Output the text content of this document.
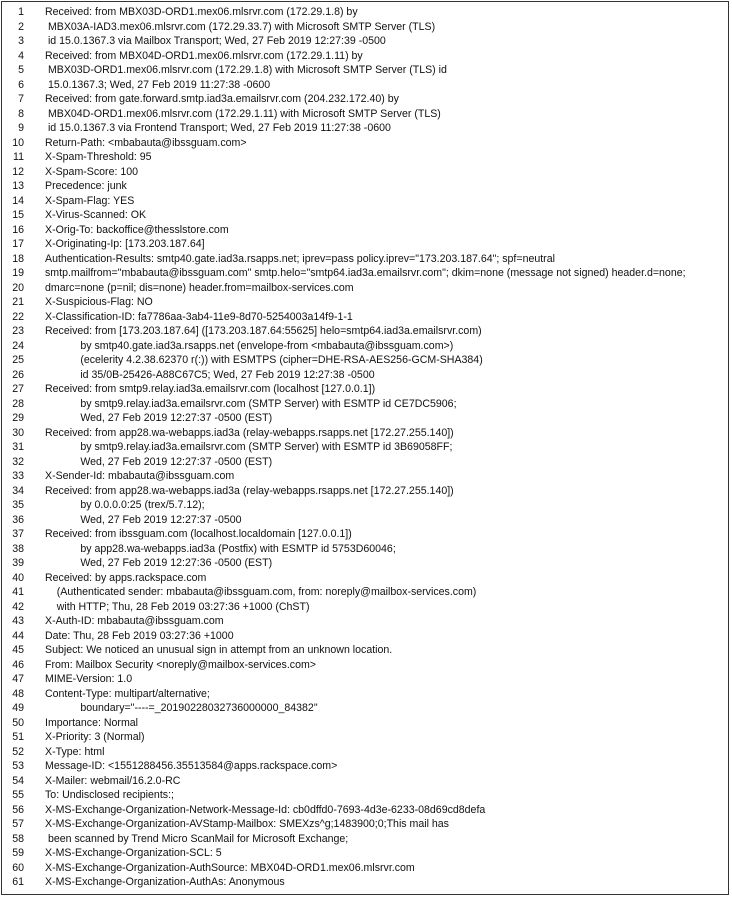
1 Received: from MBX03D-ORD1.mex06.mlsrvr.com (172.29.1.8) by
2 MBX03A-IAD3.mex06.mlsrvr.com (172.29.33.7) with Microsoft SMTP Server (TLS)
3 id 15.0.1367.3 via Mailbox Transport; Wed, 27 Feb 2019 12:27:39 -0500
4 Received: from MBX04D-ORD1.mex06.mlsrvr.com (172.29.1.11) by
5 MBX03D-ORD1.mex06.mlsrvr.com (172.29.1.8) with Microsoft SMTP Server (TLS) id
6 15.0.1367.3; Wed, 27 Feb 2019 11:27:38 -0600
7 Received: from gate.forward.smtp.iad3a.emailsrvr.com (204.232.172.40) by
8 MBX04D-ORD1.mex06.mlsrvr.com (172.29.1.11) with Microsoft SMTP Server (TLS)
9 id 15.0.1367.3 via Frontend Transport; Wed, 27 Feb 2019 11:27:38 -0600
10 Return-Path: <mbabauta@ibssguam.com>
11 X-Spam-Threshold: 95
12 X-Spam-Score: 100
13 Precedence: junk
14 X-Spam-Flag: YES
15 X-Virus-Scanned: OK
16 X-Orig-To: backoffice@thesslstore.com
17 X-Originating-Ip: [173.203.187.64]
18 Authentication-Results: smtp40.gate.iad3a.rsapps.net; iprev=pass policy.iprev="173.203.187.64"; spf=neutral
19 smtp.mailfrom="mbabauta@ibssguam.com" smtp.helo="smtp64.iad3a.emailsrvr.com"; dkim=none (message not signed) header.d=none;
20 dmarc=none (p=nil; dis=none) header.from=mailbox-services.com
21 X-Suspicious-Flag: NO
22 X-Classification-ID: fa7786aa-3ab4-11e9-8d70-5254003a14f9-1-1
23 Received: from [173.203.187.64] ([173.203.187.64:55625] helo=smtp64.iad3a.emailsrvr.com)
24 by smtp40.gate.iad3a.rsapps.net (envelope-from <mbabauta@ibssguam.com>)
25 (ecelerity 4.2.38.62370 r(:)) with ESMTPS (cipher=DHE-RSA-AES256-GCM-SHA384)
26 id 35/0B-25426-A88C67C5; Wed, 27 Feb 2019 12:27:38 -0500
27 Received: from smtp9.relay.iad3a.emailsrvr.com (localhost [127.0.0.1])
28 by smtp9.relay.iad3a.emailsrvr.com (SMTP Server) with ESMTP id CE7DC5906;
29 Wed, 27 Feb 2019 12:27:37 -0500 (EST)
30 Received: from app28.wa-webapps.iad3a (relay-webapps.rsapps.net [172.27.255.140])
31 by smtp9.relay.iad3a.emailsrvr.com (SMTP Server) with ESMTP id 3B69058FF;
32 Wed, 27 Feb 2019 12:27:37 -0500 (EST)
33 X-Sender-Id: mbabauta@ibssguam.com
34 Received: from app28.wa-webapps.iad3a (relay-webapps.rsapps.net [172.27.255.140])
35 by 0.0.0.0:25 (trex/5.7.12);
36 Wed, 27 Feb 2019 12:27:37 -0500
37 Received: from ibssguam.com (localhost.localdomain [127.0.0.1])
38 by app28.wa-webapps.iad3a (Postfix) with ESMTP id 5753D60046;
39 Wed, 27 Feb 2019 12:27:36 -0500 (EST)
40 Received: by apps.rackspace.com
41 (Authenticated sender: mbabauta@ibssguam.com, from: noreply@mailbox-services.com)
42 with HTTP; Thu, 28 Feb 2019 03:27:36 +1000 (ChST)
43 X-Auth-ID: mbabauta@ibssguam.com
44 Date: Thu, 28 Feb 2019 03:27:36 +1000
45 Subject: We noticed an unusual sign in attempt from an unknown location.
46 From: Mailbox Security <noreply@mailbox-services.com>
47 MIME-Version: 1.0
48 Content-Type: multipart/alternative;
49 boundary="----=_20190228032736000000_84382"
50 Importance: Normal
51 X-Priority: 3 (Normal)
52 X-Type: html
53 Message-ID: <1551288456.35513584@apps.rackspace.com>
54 X-Mailer: webmail/16.2.0-RC
55 To: Undisclosed recipients:;
56 X-MS-Exchange-Organization-Network-Message-Id: cb0dffd0-7693-4d3e-6233-08d69cd8defa
57 X-MS-Exchange-Organization-AVStamp-Mailbox: SMEXzs^g;1483900;0;This mail has
58 been scanned by Trend Micro ScanMail for Microsoft Exchange;
59 X-MS-Exchange-Organization-SCL: 5
60 X-MS-Exchange-Organization-AuthSource: MBX04D-ORD1.mex06.mlsrvr.com
61 X-MS-Exchange-Organization-AuthAs: Anonymous
